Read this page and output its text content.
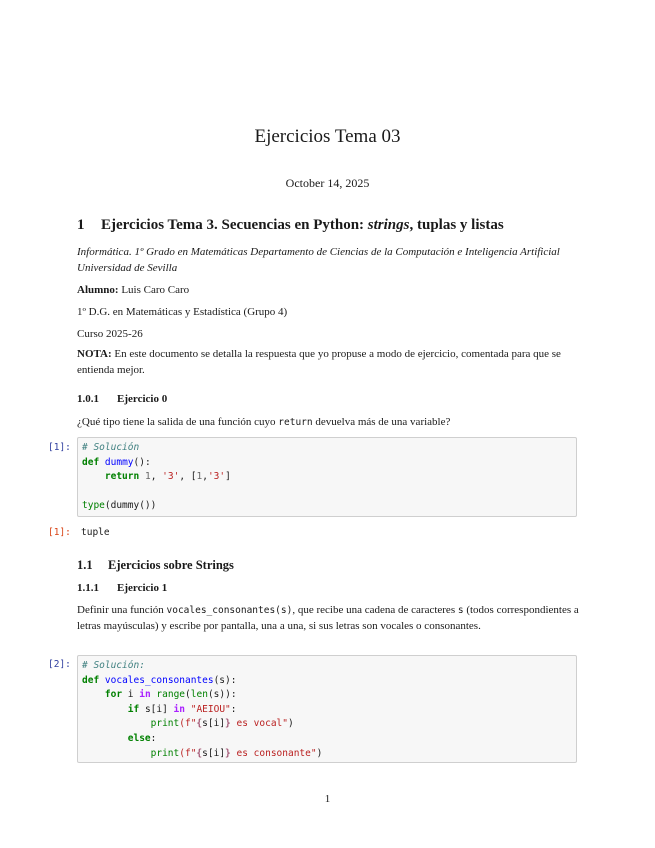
Ejercicios Tema 03
October 14, 2025
1 Ejercicios Tema 3. Secuencias en Python: strings, tuplas y listas
Informática. 1º Grado en Matemáticas Departamento de Ciencias de la Computación e Inteligencia Artificial Universidad de Sevilla
Alumno: Luis Caro Caro
1º D.G. en Matemáticas y Estadística (Grupo 4)
Curso 2025-26
NOTA: En este documento se detalla la respuesta que yo propuse a modo de ejercicio, comentada para que se entienda mejor.
1.0.1 Ejercicio 0
¿Qué tipo tiene la salida de una función cuyo return devuelva más de una variable?
[1]: # Solución
def dummy():
return 1, '3', [1,'3']

type(dummy())
[1]: tuple
1.1 Ejercicios sobre Strings
1.1.1 Ejercicio 1
Definir una función vocales_consonantes(s), que recibe una cadena de caracteres s (todos correspondientes a letras mayúsculas) y escribe por pantalla, una a una, si sus letras son vocales o consonantes.
[2]: # Solución:
def vocales_consonantes(s):
for i in range(len(s)):
if s[i] in "AEIOU":
print(f"{s[i]} es vocal")
else:
print(f"{s[i]} es consonante")
1
